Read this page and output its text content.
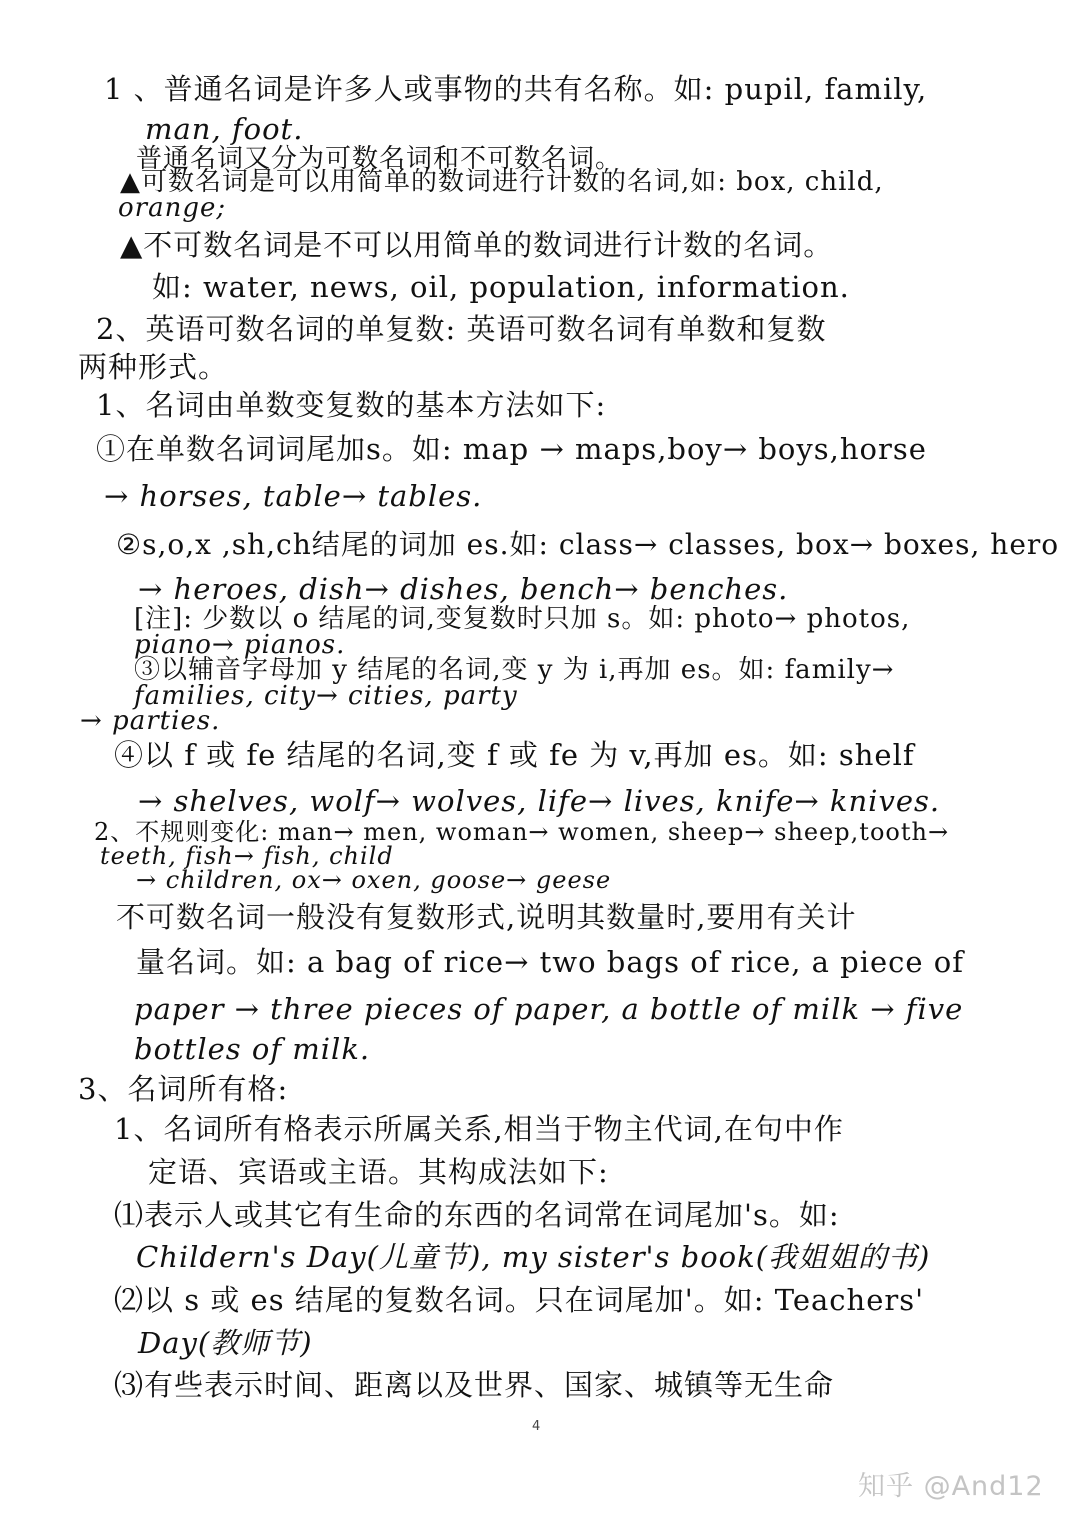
1 、普通名词是许多人或事物的共有名称。如: pupil, family,
man, foot.
普通名词又分为可数名词和不可数名词。
▲可数名词是可以用简单的数词进行计数的名词,如: box, child,
orange;
▲不可数名词是不可以用简单的数词进行计数的名词。
如: water, news, oil, population, information.
2、英语可数名词的单复数: 英语可数名词有单数和复数
两种形式。
1、名词由单数变复数的基本方法如下:
①在单数名词词尾加s。如: map → maps,boy→ boys,horse
→ horses, table→ tables.
②s,o,x ,sh,ch结尾的词加 es.如: class→ classes, box→ boxes, hero
→ heroes, dish→ dishes, bench→ benches.
[注]: 少数以 o 结尾的词,变复数时只加 s。如: photo→ photos,
piano→ pianos.
③以辅音字母加 y 结尾的名词,变 y 为 i,再加 es。如: family→
families, city→ cities, party
→ parties.
④以 f 或 fe 结尾的名词,变 f 或 fe 为 v,再加 es。如: shelf
→ shelves, wolf→ wolves, life→ lives, knife→ knives.
2、不规则变化: man→ men, woman→ women, sheep→ sheep,tooth→
teeth, fish→ fish, child
→ children, ox→ oxen, goose→ geese
不可数名词一般没有复数形式,说明其数量时,要用有关计
量名词。如: a bag of rice→ two bags of rice, a piece of
paper → three pieces of paper, a bottle of milk → five
bottles of milk.
3、名词所有格:
1、名词所有格表示所属关系,相当于物主代词,在句中作
定语、宾语或主语。其构成法如下:
⑴表示人或其它有生命的东西的名词常在词尾加's。如:
Childern's Day(儿童节), my sister's book(我姐姐的书)
⑵以 s 或 es 结尾的复数名词。只在词尾加'。如: Teachers'
Day(教师节)
⑶有些表示时间、距离以及世界、国家、城镇等无生命
4
知乎 @And12
